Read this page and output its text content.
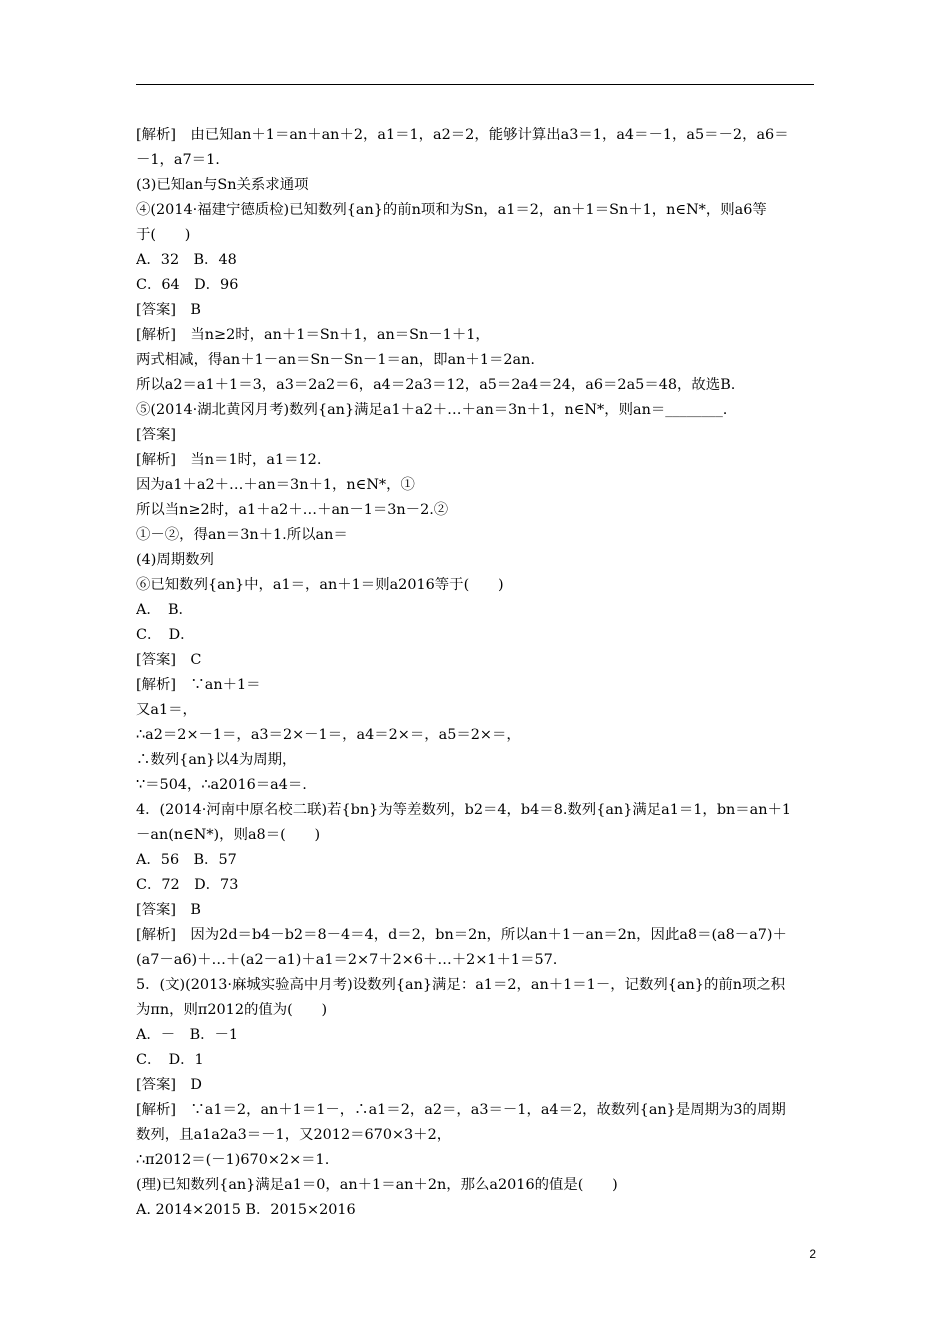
[解析]　由已知an＋1＝an＋an＋2，a1＝1，a2＝2，能够计算出a3＝1，a4＝－1，a5＝－2，a6＝
－1，a7＝1.
(3)已知an与Sn关系求通项
④(2014·福建宁德质检)已知数列{an}的前n项和为Sn，a1＝2，an＋1＝Sn＋1，n∈N*，则a6等
于(　　)
A．32　B．48
C．64　D．96
[答案]　B
[解析]　当n≥2时，an＋1＝Sn＋1，an＝Sn－1＋1，
两式相减，得an＋1－an＝Sn－Sn－1＝an，即an＋1＝2an.
所以a2＝a1＋1＝3，a3＝2a2＝6，a4＝2a3＝12，a5＝2a4＝24，a6＝2a5＝48，故选B.
⑤(2014·湖北黄冈月考)数列{an}满足a1＋a2＋…＋an＝3n＋1，n∈N*，则an＝________.
[答案]
[解析]　当n＝1时，a1＝12.
因为a1＋a2＋…＋an＝3n＋1，n∈N*，①
所以当n≥2时，a1＋a2＋…＋an－1＝3n－2.②
①－②，得an＝3n＋1.所以an＝
(4)周期数列
⑥已知数列{an}中，a1＝，an＋1＝则a2016等于(　　)
A．　B．
C．　D．
[答案]　C
[解析]　∵an＋1＝
又a1＝，
∴a2＝2×－1＝，a3＝2×－1＝，a4＝2×＝，a5＝2×＝，
∴数列{an}以4为周期，
∵＝504，∴a2016＝a4＝.
4．(2014·河南中原名校二联)若{bn}为等差数列，b2＝4，b4＝8.数列{an}满足a1＝1，bn＝an＋1
－an(n∈N*)，则a8＝(　　)
A．56　B．57
C．72　D．73
[答案]　B
[解析]　因为2d＝b4－b2＝8－4＝4，d＝2，bn＝2n，所以an＋1－an＝2n，因此a8＝(a8－a7)＋
(a7－a6)＋…＋(a2－a1)＋a1＝2×7＋2×6＋…＋2×1＋1＝57.
5．(文)(2013·麻城实验高中月考)设数列{an}满足：a1＝2，an＋1＝1－，记数列{an}的前n项之积
为πn，则π2012的值为(　　)
A．－　B．－1
C．　D．1
[答案]　D
[解析]　∵a1＝2，an＋1＝1－，∴a1＝2，a2＝，a3＝－1，a4＝2，故数列{an}是周期为3的周期
数列，且a1a2a3＝－1，又2012＝670×3＋2，
∴π2012＝(－1)670×2×＝1.
(理)已知数列{an}满足a1＝0，an＋1＝an＋2n，那么a2016的值是(　　)
A. 2014×2015 B．2015×2016
2
